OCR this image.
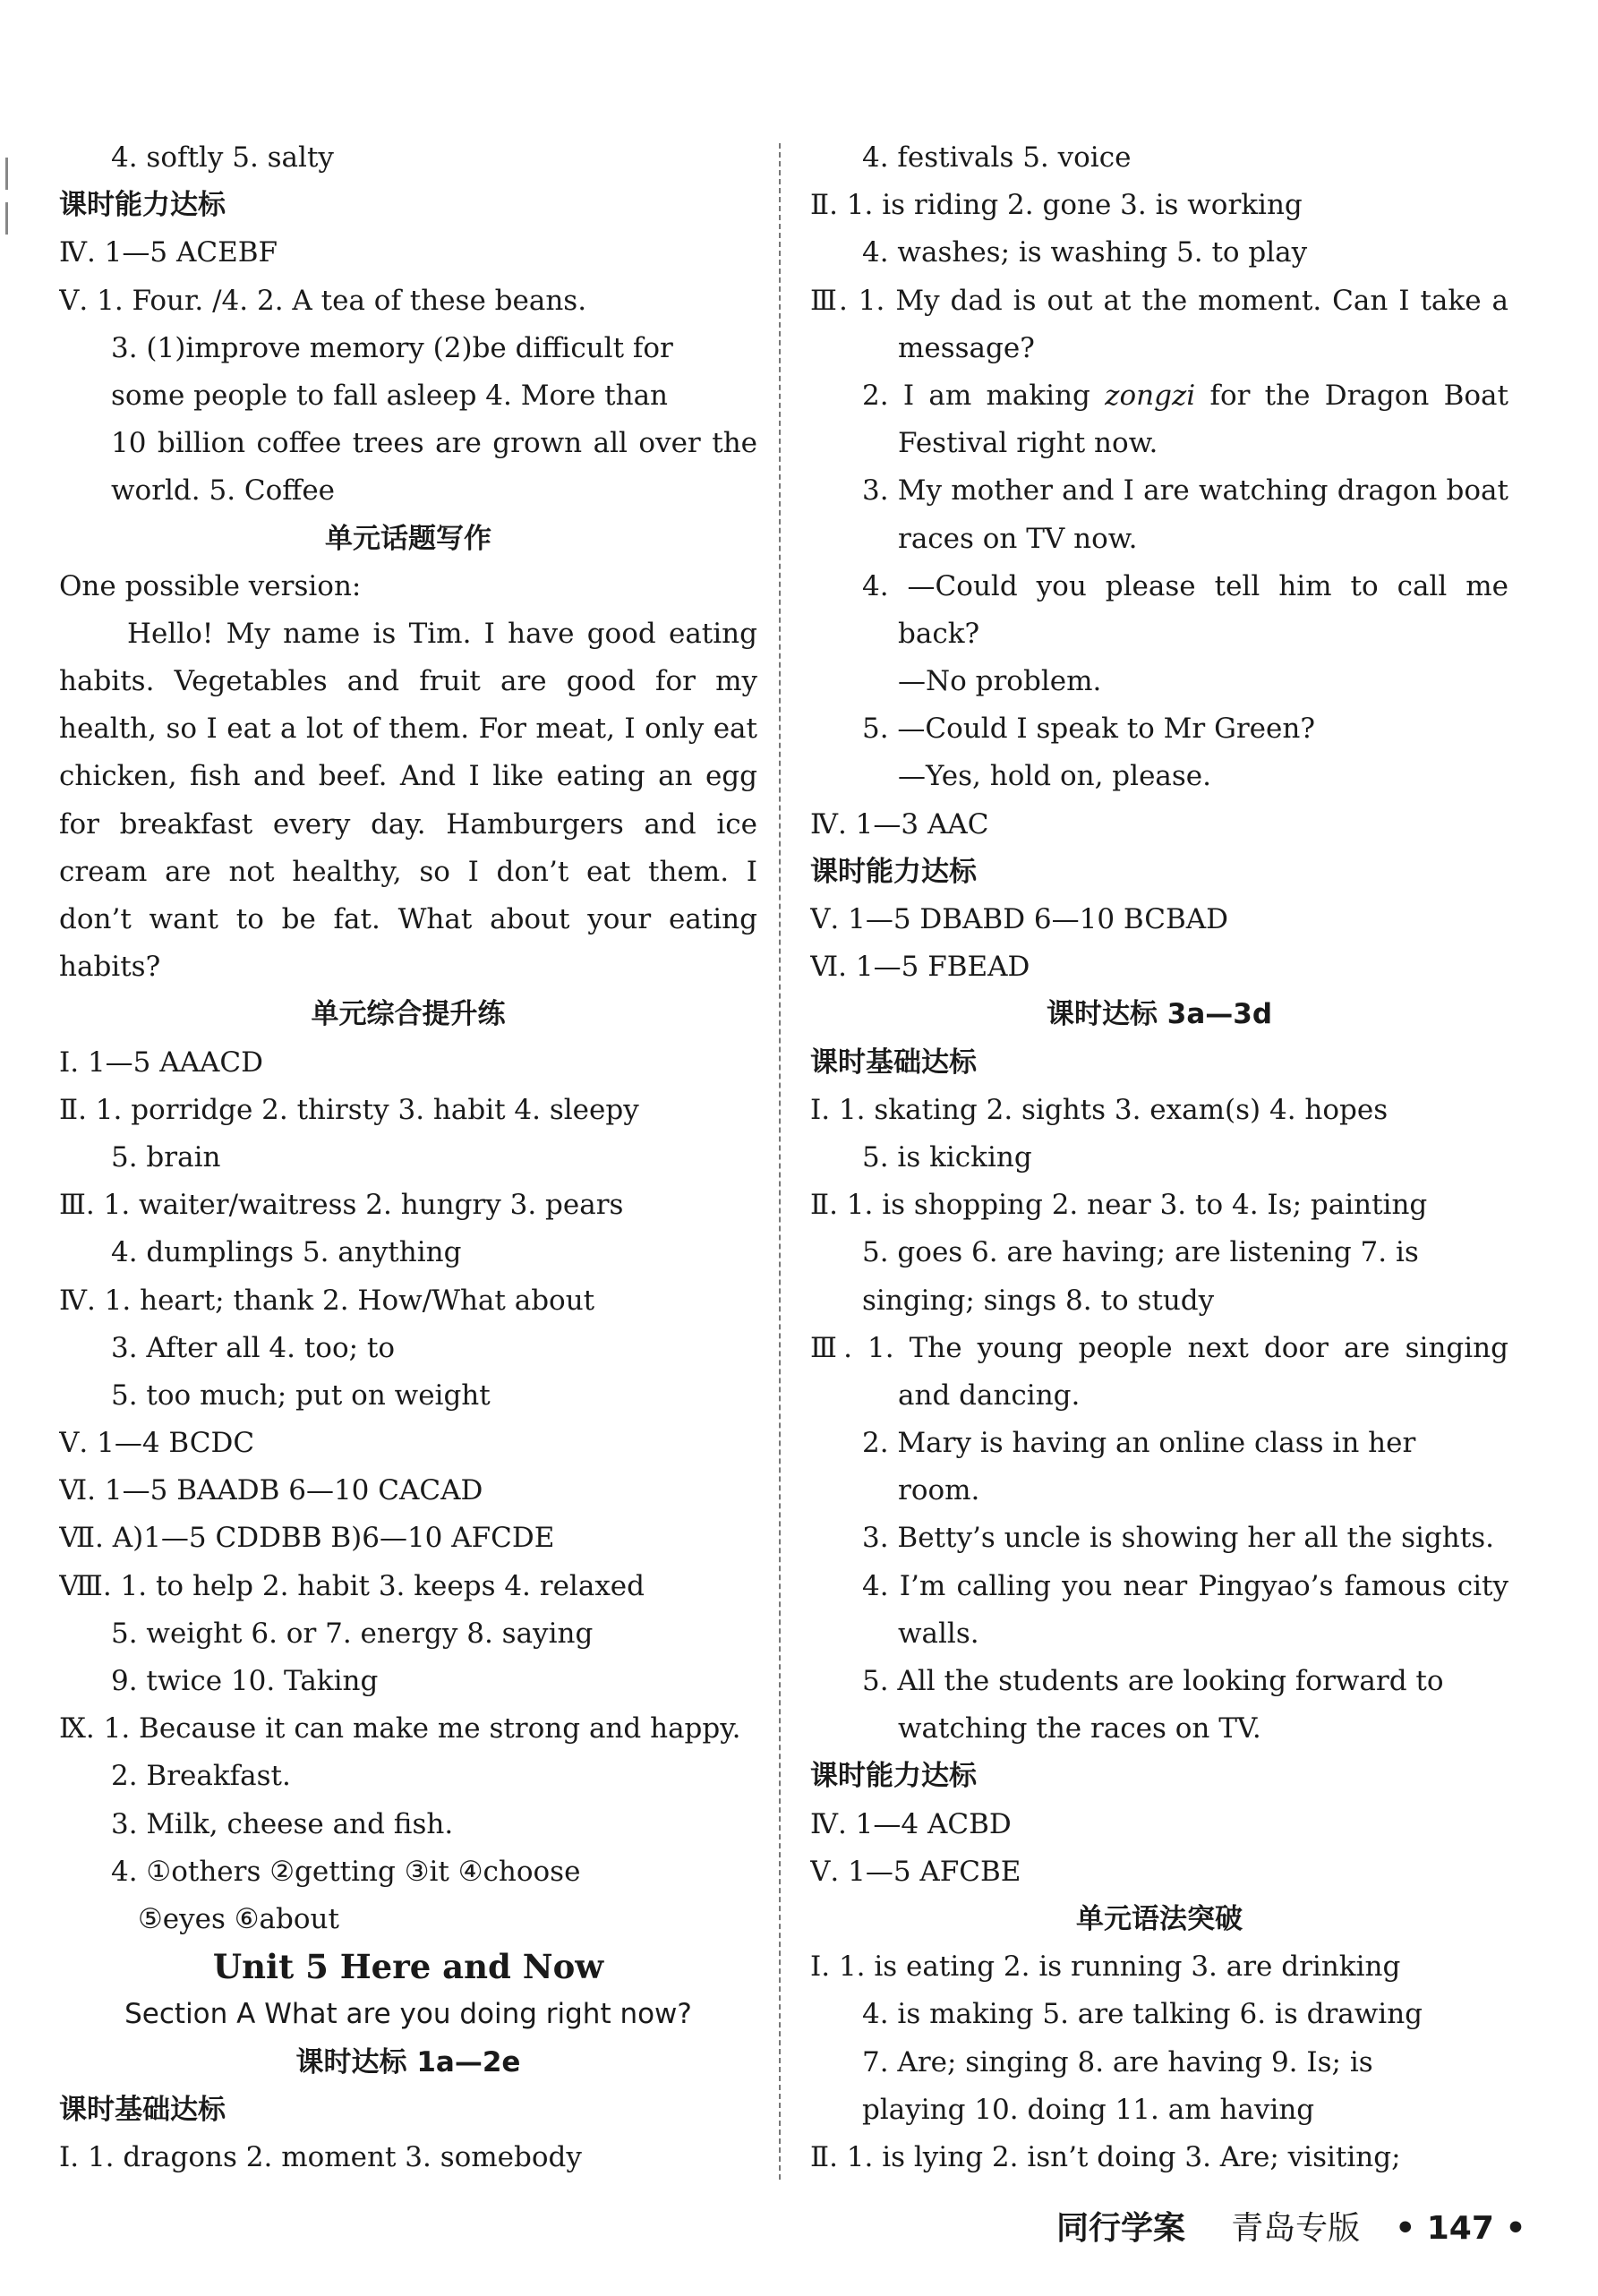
4. softly 5. salty
课时能力达标
Ⅳ. 1—5 ACEBF
Ⅴ. 1. Four. /4. 2. A tea of these beans.
3. (1)improve memory (2)be difficult for
some people to fall asleep 4. More than
10 billion coffee trees are grown all over the
world. 5. Coffee
单元话题写作
One possible version:
Hello! My name is Tim. I have good eating
habits. Vegetables and fruit are good for my
health, so I eat a lot of them. For meat, I only eat
chicken, fish and beef. And I like eating an egg
for breakfast every day. Hamburgers and ice
cream are not healthy, so I don’t eat them. I
don’t want to be fat. What about your eating
habits?
单元综合提升练
Ⅰ. 1—5 AAACD
Ⅱ. 1. porridge 2. thirsty 3. habit 4. sleepy
5. brain
Ⅲ. 1. waiter/waitress 2. hungry 3. pears
4. dumplings 5. anything
Ⅳ. 1. heart; thank 2. How/What about
3. After all 4. too; to
5. too much; put on weight
Ⅴ. 1—4 BCDC
Ⅵ. 1—5 BAADB 6—10 CACAD
Ⅶ. A)1—5 CDDBB B)6—10 AFCDE
Ⅷ. 1. to help 2. habit 3. keeps 4. relaxed
5. weight 6. or 7. energy 8. saying
9. twice 10. Taking
Ⅸ. 1. Because it can make me strong and happy.
2. Breakfast.
3. Milk, cheese and fish.
4. ①others ②getting ③it ④choose
⑤eyes ⑥about
Unit 5 Here and Now
Section A What are you doing right now?
课时达标 1a—2e
课时基础达标
Ⅰ. 1. dragons 2. moment 3. somebody
4. festivals 5. voice
Ⅱ. 1. is riding 2. gone 3. is working
4. washes; is washing 5. to play
Ⅲ. 1. My dad is out at the moment. Can I take a
message?
2. I am making zongzi for the Dragon Boat
Festival right now.
3. My mother and I are watching dragon boat
races on TV now.
4. —Could you please tell him to call me
back?
—No problem.
5. —Could I speak to Mr Green?
—Yes, hold on, please.
Ⅳ. 1—3 AAC
课时能力达标
Ⅴ. 1—5 DBABD 6—10 BCBAD
Ⅵ. 1—5 FBEAD
课时达标 3a—3d
课时基础达标
Ⅰ. 1. skating 2. sights 3. exam(s) 4. hopes
5. is kicking
Ⅱ. 1. is shopping 2. near 3. to 4. Is; painting
5. goes 6. are having; are listening 7. is
singing; sings 8. to study
Ⅲ. 1. The young people next door are singing
and dancing.
2. Mary is having an online class in her
room.
3. Betty’s uncle is showing her all the sights.
4. I’m calling you near Pingyao’s famous city
walls.
5. All the students are looking forward to
watching the races on TV.
课时能力达标
Ⅳ. 1—4 ACBD
Ⅴ. 1—5 AFCBE
单元语法突破
Ⅰ. 1. is eating 2. is running 3. are drinking
4. is making 5. are talking 6. is drawing
7. Are; singing 8. are having 9. Is; is
playing 10. doing 11. am having
Ⅱ. 1. is lying 2. isn’t doing 3. Are; visiting;
同行学案 青岛专版 • 147 •
